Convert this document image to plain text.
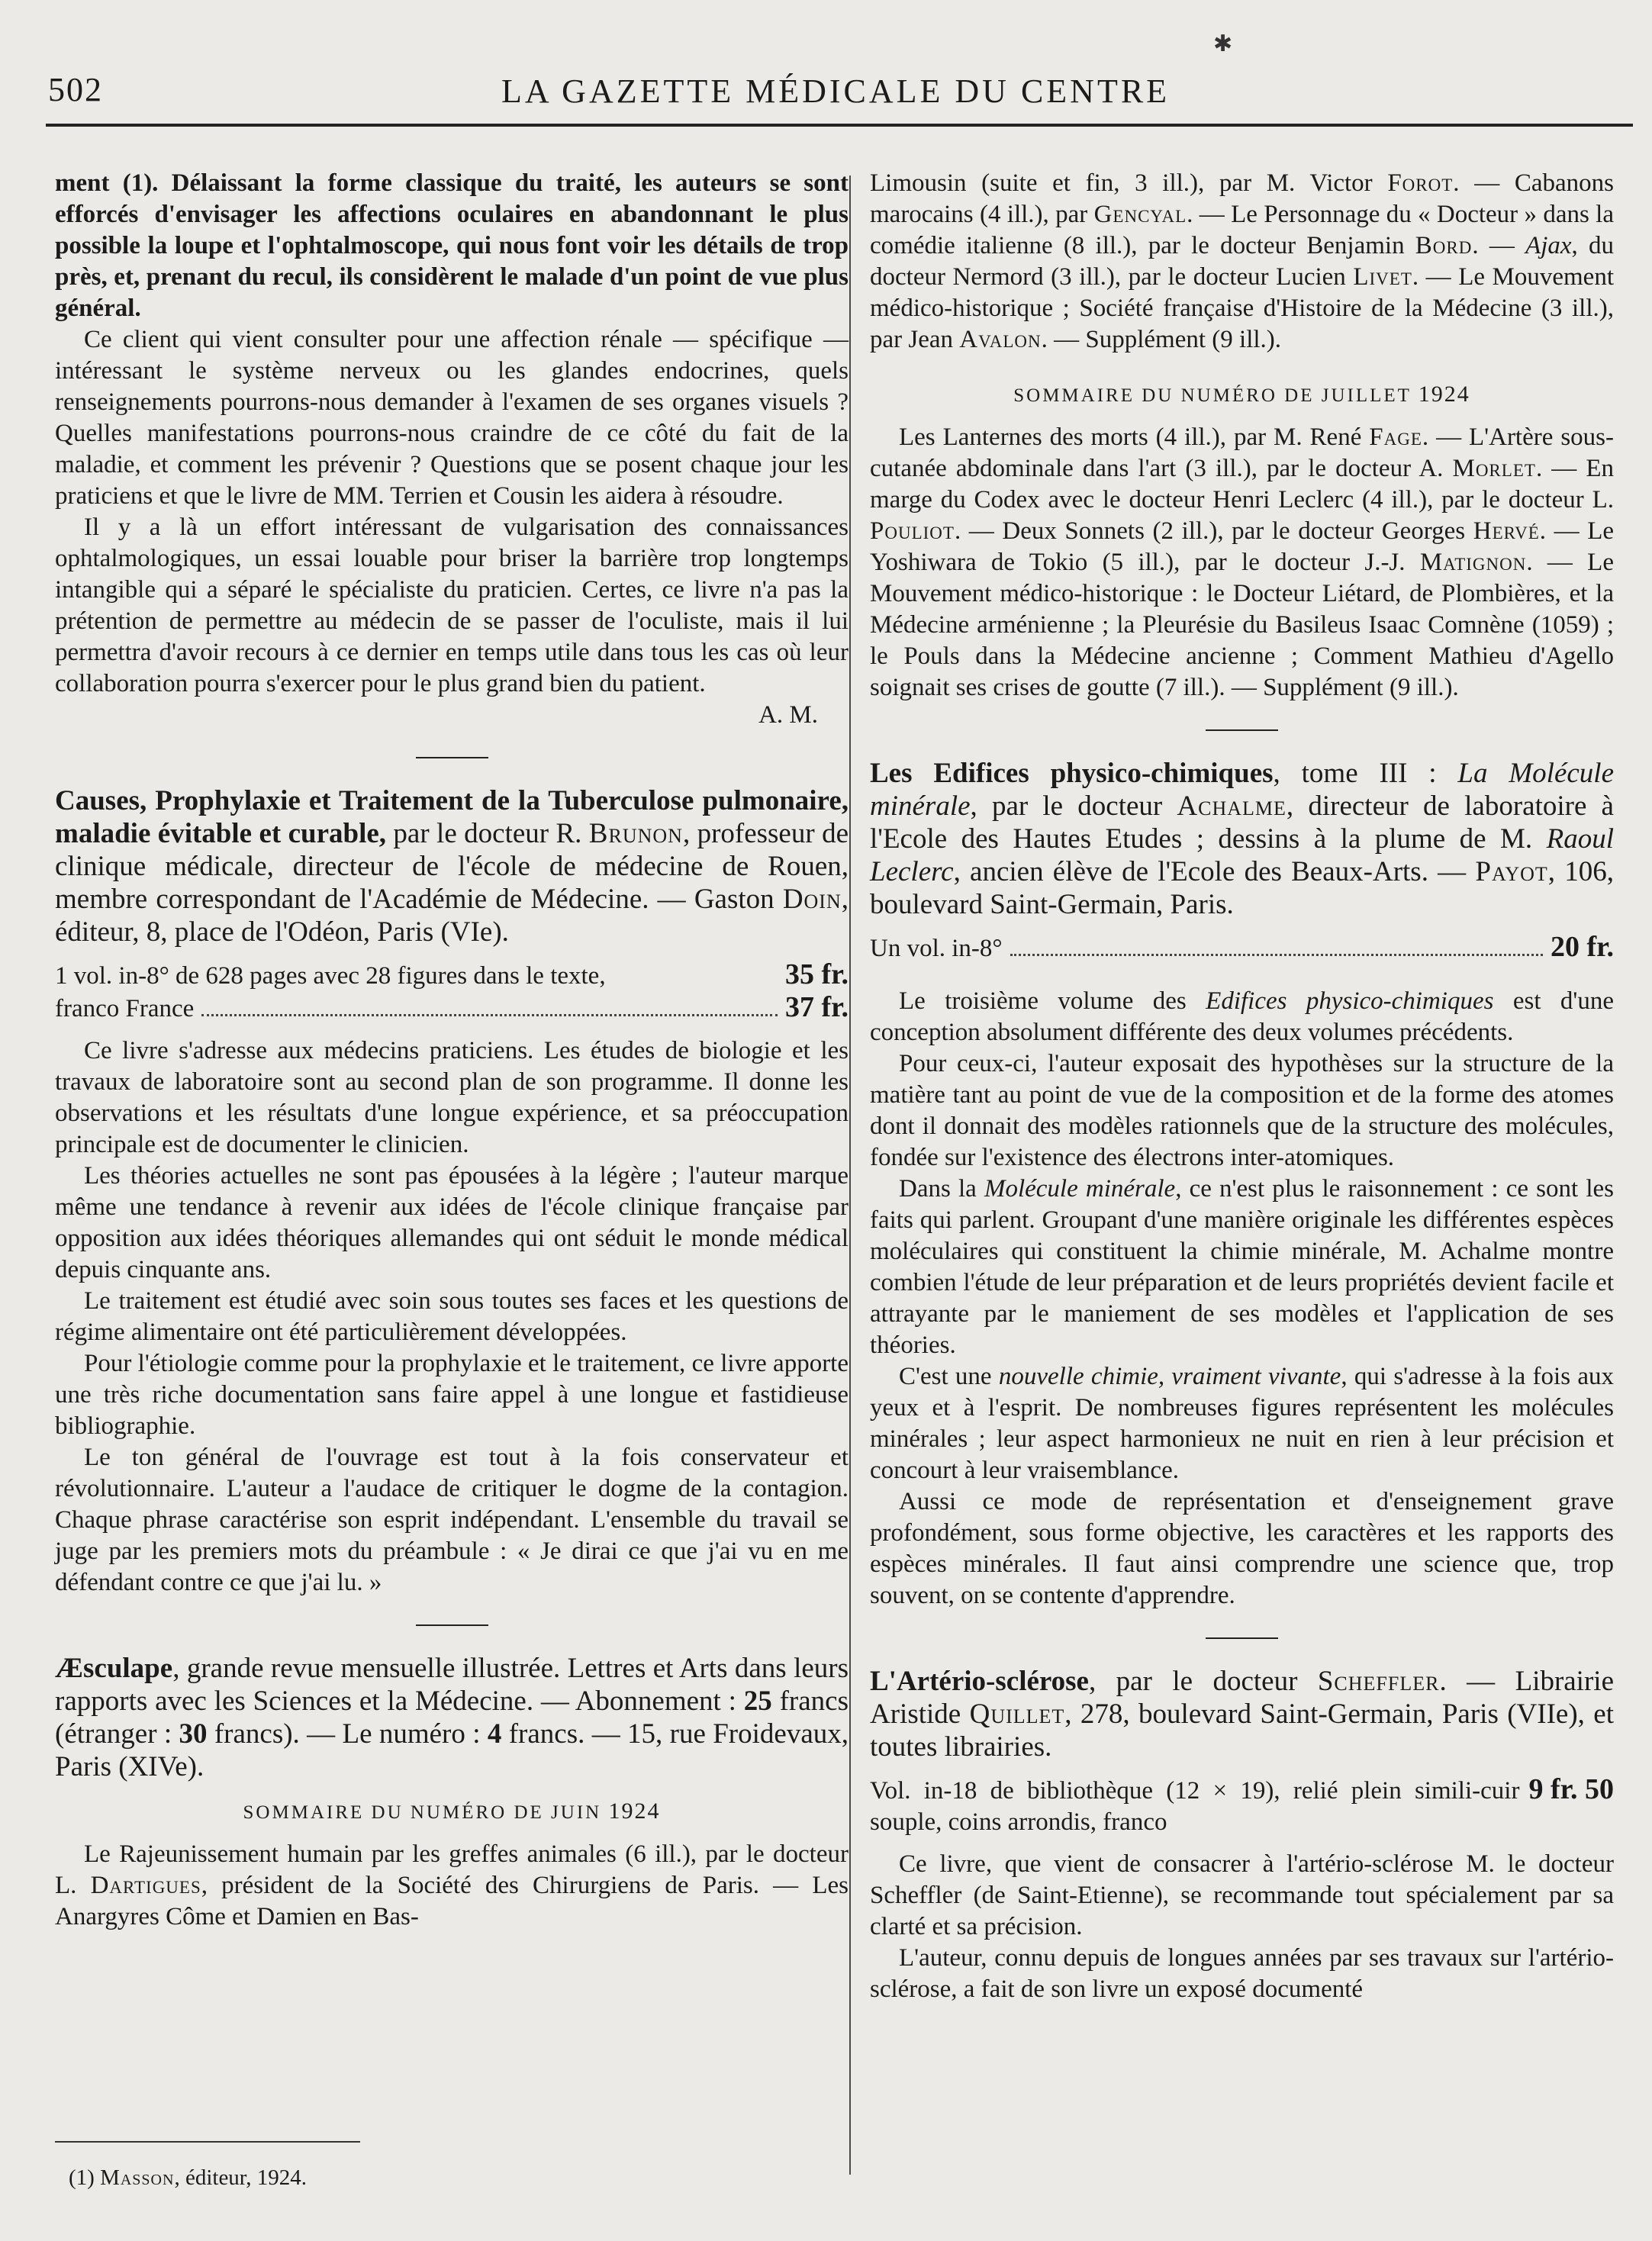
✱
502	LA GAZETTE MÉDICALE DU CENTRE

ment (1). Délaissant la forme classique du traité, les auteurs se sont efforcés d'envisager les affections oculaires en abandonnant le plus possible la loupe et l'ophtalmoscope, qui nous font voir les détails de trop près, et, prenant du recul, ils considèrent le malade d'un point de vue plus général.

Ce client qui vient consulter pour une affection rénale — spécifique — intéressant le système nerveux ou les glandes endocrines, quels renseignements pourrons-nous demander à l'examen de ses organes visuels ? Quelles manifestations pourrons-nous craindre de ce côté du fait de la maladie, et comment les prévenir ? Questions que se posent chaque jour les praticiens et que le livre de MM. Terrien et Cousin les aidera à résoudre.

Il y a là un effort intéressant de vulgarisation des connaissances ophtalmologiques, un essai louable pour briser la barrière trop longtemps intangible qui a séparé le spécialiste du praticien. Certes, ce livre n'a pas la prétention de permettre au médecin de se passer de l'oculiste, mais il lui permettra d'avoir recours à ce dernier en temps utile dans tous les cas où leur collaboration pourra s'exercer pour le plus grand bien du patient.

A. M.

Causes, Prophylaxie et Traitement de la Tuberculose pulmonaire, maladie évitable et curable, par le docteur R. Brunon, professeur de clinique médicale, directeur de l'école de médecine de Rouen, membre correspondant de l'Académie de Médecine. — Gaston Doin, éditeur, 8, place de l'Odéon, Paris (VIe).

1 vol. in-8° de 628 pages avec 28 figures dans le texte,	35 fr.
franco France	37 fr.

Ce livre s'adresse aux médecins praticiens. Les études de biologie et les travaux de laboratoire sont au second plan de son programme. Il donne les observations et les résultats d'une longue expérience, et sa préoccupation principale est de documenter le clinicien.

Les théories actuelles ne sont pas épousées à la légère ; l'auteur marque même une tendance à revenir aux idées de l'école clinique française par opposition aux idées théoriques allemandes qui ont séduit le monde médical depuis cinquante ans.

Le traitement est étudié avec soin sous toutes ses faces et les questions de régime alimentaire ont été particulièrement développées.

Pour l'étiologie comme pour la prophylaxie et le traitement, ce livre apporte une très riche documentation sans faire appel à une longue et fastidieuse bibliographie.

Le ton général de l'ouvrage est tout à la fois conservateur et révolutionnaire. L'auteur a l'audace de critiquer le dogme de la contagion. Chaque phrase caractérise son esprit indépendant. L'ensemble du travail se juge par les premiers mots du préambule : « Je dirai ce que j'ai vu en me défendant contre ce que j'ai lu. »

Æsculape, grande revue mensuelle illustrée. Lettres et Arts dans leurs rapports avec les Sciences et la Médecine. — Abonnement : 25 francs (étranger : 30 francs). — Le numéro : 4 francs. — 15, rue Froidevaux, Paris (XIVe).

SOMMAIRE DU NUMÉRO DE JUIN 1924

Le Rajeunissement humain par les greffes animales (6 ill.), par le docteur L. Dartigues, président de la Société des Chirurgiens de Paris. — Les Anargyres Côme et Damien en Bas-

Limousin (suite et fin, 3 ill.), par M. Victor Forot. — Cabanons marocains (4 ill.), par Gencyal. — Le Personnage du « Docteur » dans la comédie italienne (8 ill.), par le docteur Benjamin Bord. — Ajax, du docteur Nermord (3 ill.), par le docteur Lucien Livet. — Le Mouvement médico-historique ; Société française d'Histoire de la Médecine (3 ill.), par Jean Avalon. — Supplément (9 ill.).

SOMMAIRE DU NUMÉRO DE JUILLET 1924

Les Lanternes des morts (4 ill.), par M. René Fage. — L'Artère sous-cutanée abdominale dans l'art (3 ill.), par le docteur A. Morlet. — En marge du Codex avec le docteur Henri Leclerc (4 ill.), par le docteur L. Pouliot. — Deux Sonnets (2 ill.), par le docteur Georges Hervé. — Le Yoshiwara de Tokio (5 ill.), par le docteur J.-J. Matignon. — Le Mouvement médico-historique : le Docteur Liétard, de Plombières, et la Médecine arménienne ; la Pleurésie du Basileus Isaac Comnène (1059) ; le Pouls dans la Médecine ancienne ; Comment Mathieu d'Agello soignait ses crises de goutte (7 ill.). — Supplément (9 ill.).

Les Edifices physico-chimiques, tome III : La Molécule minérale, par le docteur Achalme, directeur de laboratoire à l'Ecole des Hautes Etudes ; dessins à la plume de M. Raoul Leclerc, ancien élève de l'Ecole des Beaux-Arts. — Payot, 106, boulevard Saint-Germain, Paris.

Un vol. in-8°	20 fr.

Le troisième volume des Edifices physico-chimiques est d'une conception absolument différente des deux volumes précédents.

Pour ceux-ci, l'auteur exposait des hypothèses sur la structure de la matière tant au point de vue de la composition et de la forme des atomes dont il donnait des modèles rationnels que de la structure des molécules, fondée sur l'existence des électrons inter-atomiques.

Dans la Molécule minérale, ce n'est plus le raisonnement : ce sont les faits qui parlent. Groupant d'une manière originale les différentes espèces moléculaires qui constituent la chimie minérale, M. Achalme montre combien l'étude de leur préparation et de leurs propriétés devient facile et attrayante par le maniement de ses modèles et l'application de ses théories.

C'est une nouvelle chimie, vraiment vivante, qui s'adresse à la fois aux yeux et à l'esprit. De nombreuses figures représentent les molécules minérales ; leur aspect harmonieux ne nuit en rien à leur précision et concourt à leur vraisemblance.

Aussi ce mode de représentation et d'enseignement grave profondément, sous forme objective, les caractères et les rapports des espèces minérales. Il faut ainsi comprendre une science que, trop souvent, on se contente d'apprendre.

L'Artério-sclérose, par le docteur Scheffler. — Librairie Aristide Quillet, 278, boulevard Saint-Germain, Paris (VIIe), et toutes librairies.

Vol. in-18 de bibliothèque (12 × 19), relié plein simili-cuir souple, coins arrondis, franco
9 fr. 50

Ce livre, que vient de consacrer à l'artério-sclérose M. le docteur Scheffler (de Saint-Etienne), se recommande tout spécialement par sa clarté et sa précision.

L'auteur, connu depuis de longues années par ses travaux sur l'artério-sclérose, a fait de son livre un exposé documenté

(1) Masson, éditeur, 1924.
